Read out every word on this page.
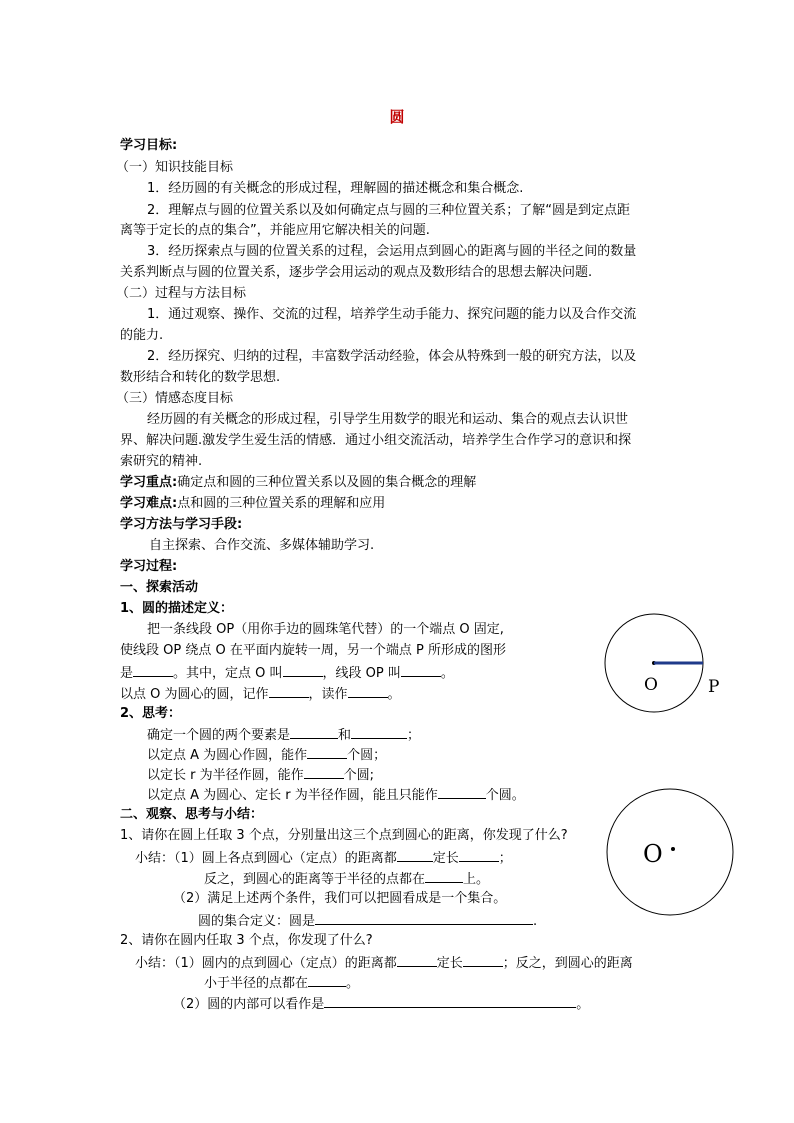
圆
学习目标:
（一）知识技能目标
1．经历圆的有关概念的形成过程，理解圆的描述概念和集合概念.
2．理解点与圆的位置关系以及如何确定点与圆的三种位置关系；了解“圆是到定点距
离等于定长的点的集合”，并能应用它解决相关的问题.
3．经历探索点与圆的位置关系的过程，会运用点到圆心的距离与圆的半径之间的数量
关系判断点与圆的位置关系，逐步学会用运动的观点及数形结合的思想去解决问题.
（二）过程与方法目标
1．通过观察、操作、交流的过程，培养学生动手能力、探究问题的能力以及合作交流
的能力.
2．经历探究、归纳的过程，丰富数学活动经验，体会从特殊到一般的研究方法，以及
数形结合和转化的数学思想.
（三）情感态度目标
经历圆的有关概念的形成过程，引导学生用数学的眼光和运动、集合的观点去认识世
界、解决问题.激发学生爱生活的情感．通过小组交流活动，培养学生合作学习的意识和探
索研究的精神.
学习重点:确定点和圆的三种位置关系以及圆的集合概念的理解
学习难点:点和圆的三种位置关系的理解和应用
学习方法与学习手段:
自主探索、合作交流、多媒体辅助学习.
学习过程:
一、探索活动
1、圆的描述定义：
把一条线段 OP（用你手边的圆珠笔代替）的一个端点 O 固定,
使线段 OP 绕点 O 在平面内旋转一周，另一个端点 P 所形成的图形
是	。其中，定点 O 叫	，线段 OP 叫	。
以点 O 为圆心的圆，记作	，读作	。
2、思考：
确定一个圆的两个要素是	和	；
以定点 A 为圆心作圆，能作	个圆；
以定长 r 为半径作圆，能作	个圆;
以定点 A 为圆心、定长 r 为半径作圆，能且只能作	个圆。
二、观察、思考与小结：
1、请你在圆上任取 3 个点，分别量出这三个点到圆心的距离，你发现了什么?
小结：（1）圆上各点到圆心（定点）的距离都	定长	；
反之，到圆心的距离等于半径的点都在	上。
（2）满足上述两个条件，我们可以把圆看成是一个集合。
圆的集合定义：圆是	.
2、请你在圆内任取 3 个点，你发现了什么?
小结：（1）圆内的点到圆心（定点）的距离都	定长	；反之，到圆心的距离
小于半径的点都在	。
（2）圆的内部可以看作是	。
O	P
O
